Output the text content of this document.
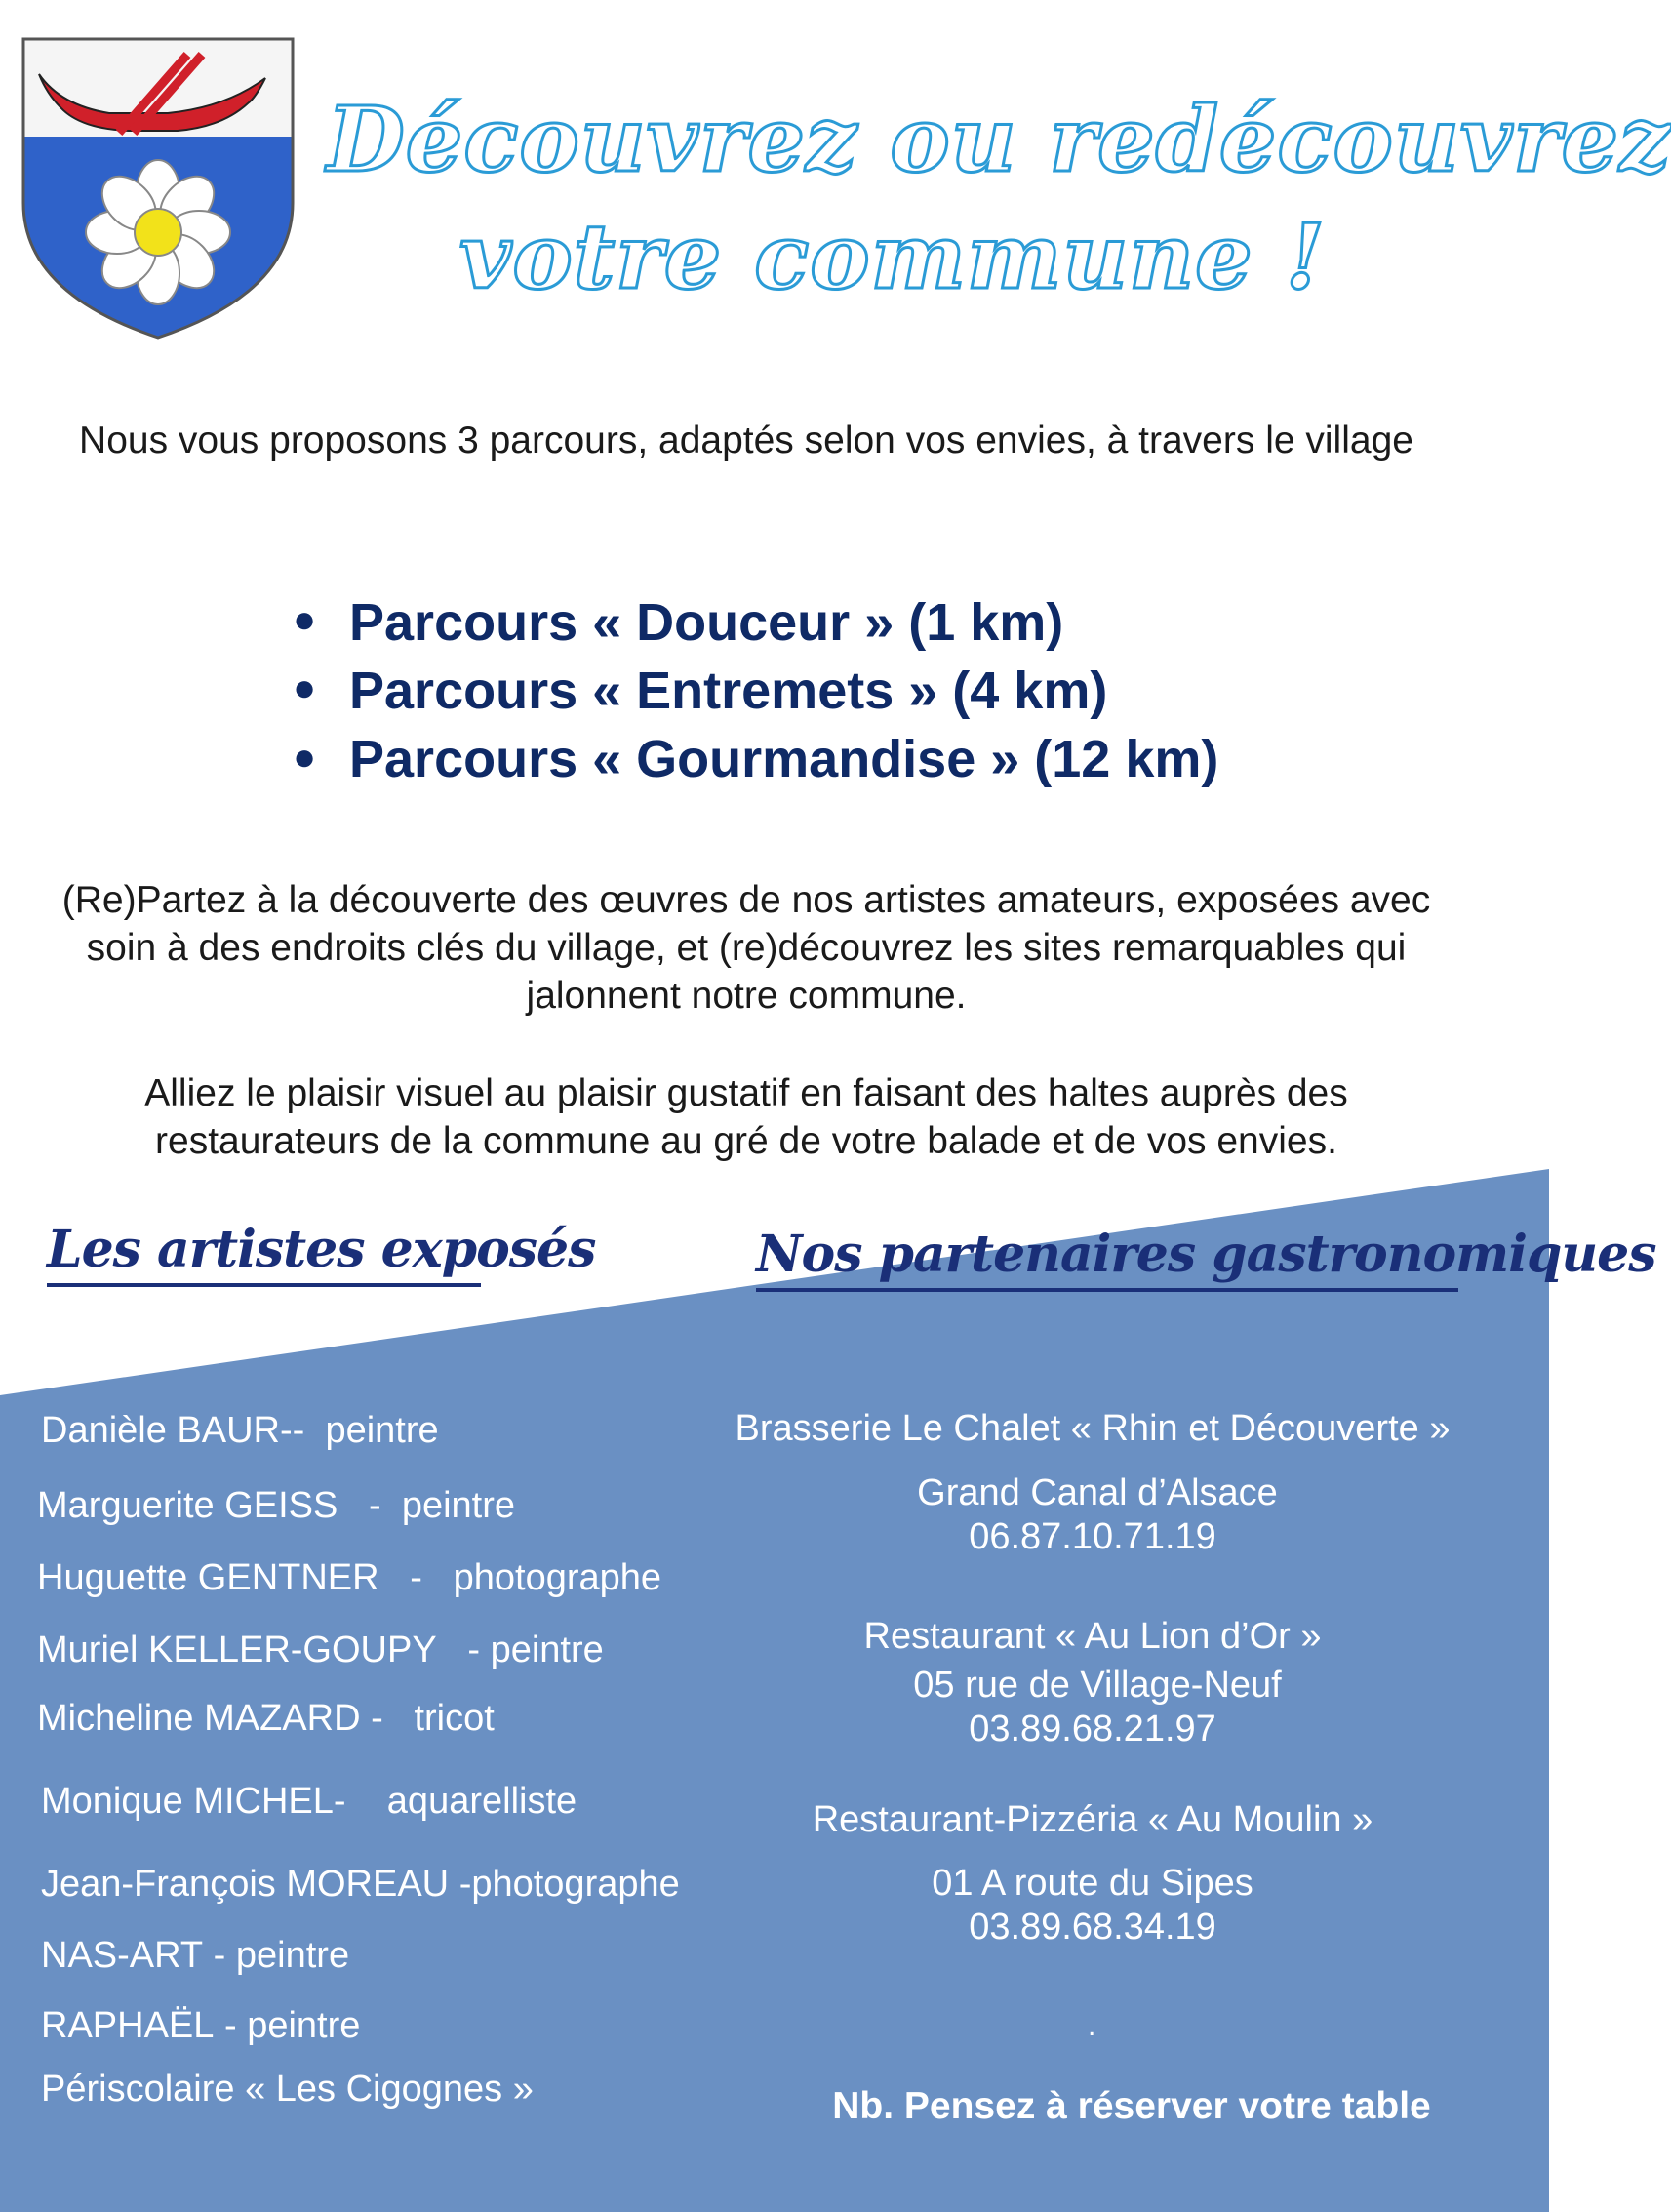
Découvrez ou redécouvrez
votre commune !
Nous vous proposons 3 parcours, adaptés selon vos envies, à travers le village
● Parcours « Douceur » (1 km)
● Parcours « Entremets » (4 km)
● Parcours « Gourmandise » (12 km)
(Re)Partez à la découverte des œuvres de nos artistes amateurs, exposées avec soin à des endroits clés du village, et (re)découvrez les sites remarquables qui jalonnent notre commune.
Alliez le plaisir visuel au plaisir gustatif en faisant des haltes auprès des restaurateurs de la commune au gré de votre balade et de vos envies.
Les artistes exposés	Nos partenaires gastronomiques
Danièle BAUR-- peintre
Marguerite GEISS - peintre
Huguette GENTNER - photographe
Muriel KELLER-GOUPY - peintre
Micheline MAZARD - tricot
Monique MICHEL- aquarelliste
Jean-François MOREAU -photographe
NAS-ART - peintre
RAPHAËL - peintre
Périscolaire « Les Cigognes »
Brasserie Le Chalet « Rhin et Découverte »
Grand Canal d’Alsace
06.87.10.71.19
Restaurant « Au Lion d’Or »
05 rue de Village-Neuf
03.89.68.21.97
Restaurant-Pizzéria « Au Moulin »
01 A route du Sipes
03.89.68.34.19
.
Nb. Pensez à réserver votre table
